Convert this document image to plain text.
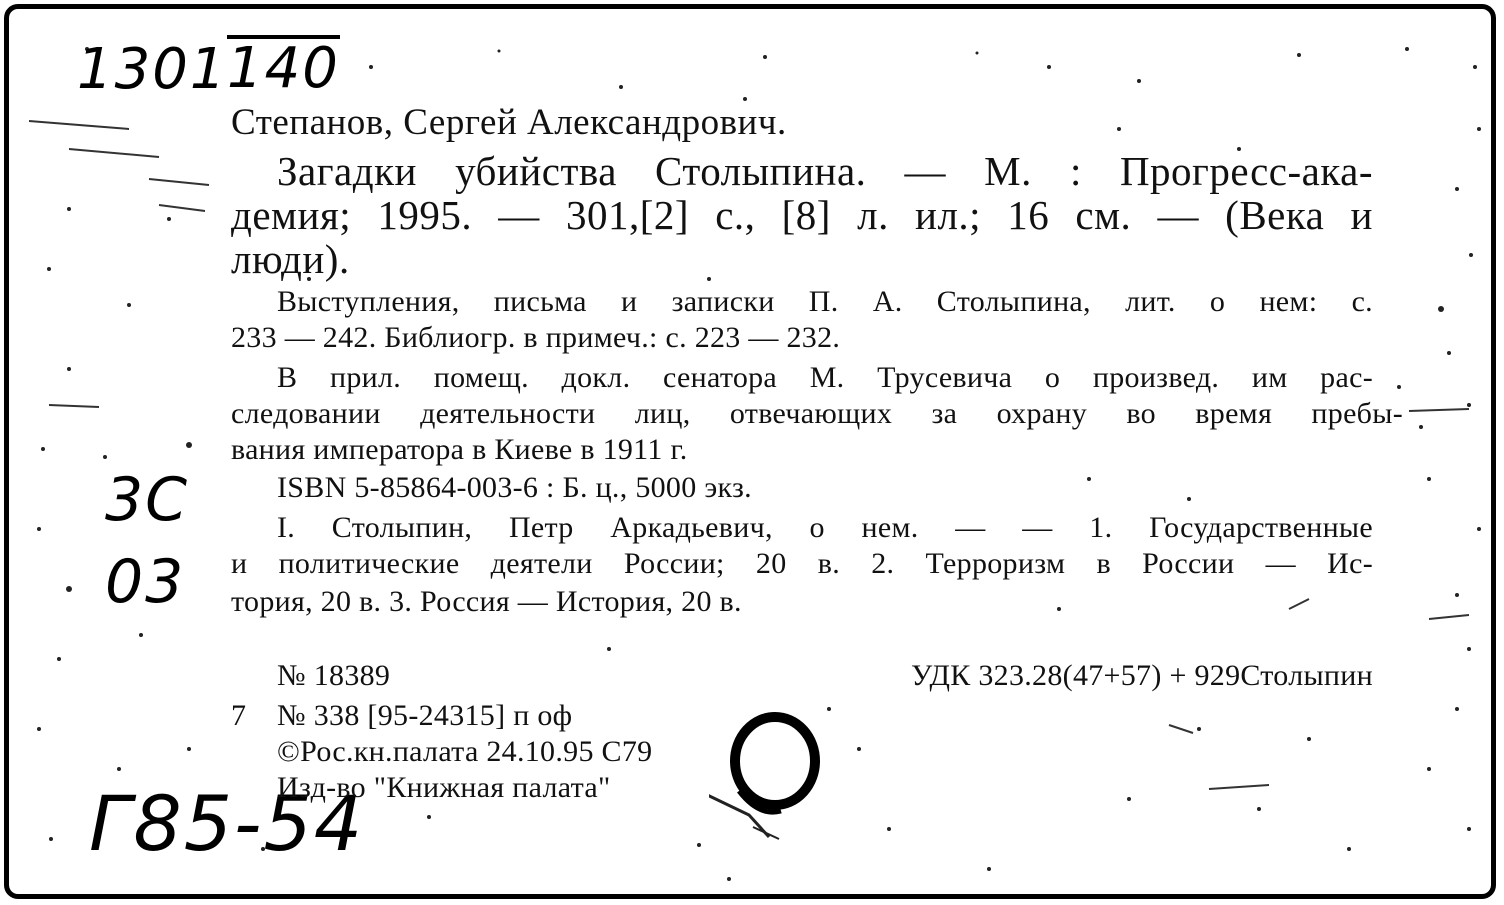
1301 140
3С
03
Г85-54
Степанов, Сергей Александрович.
Загадки убийства Столыпина. — М. : Прогресс-ака-
демия; 1995. — 301,[2] с., [8] л. ил.; 16 см. — (Века и
люди).
Выступления, письма и записки П. А. Столыпина, лит. о нем: с.
233 — 242. Библиогр. в примеч.: с. 223 — 232.
В прил. помещ. докл. сенатора М. Трусевича о произвед. им рас-
следовании деятельности лиц, отвечающих за охрану во время пребы-
вания императора в Киеве в 1911 г.
ISBN 5-85864-003-6 : Б. ц., 5000 экз.
I. Столыпин, Петр Аркадьевич, о нем. — — 1. Государственные
и политические деятели России; 20 в. 2. Терроризм в России — Ис-
тория, 20 в. 3. Россия — История, 20 в.
№ 18389	УДК 323.28(47+57) + 929Столыпин
7 № 338 [95-24315] п оф
©Рос.кн.палата 24.10.95 С79
Изд-во "Книжная палата"
